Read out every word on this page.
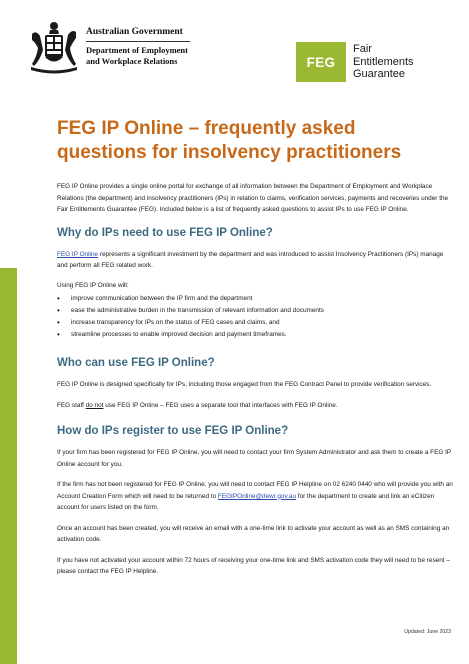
Australian Government
Department of Employment
and Workplace Relations	FEG
Fair
Entitlements
Guarantee
FEG IP Online – frequently asked
questions for insolvency practitioners

FEG IP Online provides a single online portal for exchange of all information between the Department of Employment and Workplace Relations (the department) and insolvency practitioners (IPs) in relation to claims, verification services, payments and recoveries under the Fair Entitlements Guarantee (FEG). Included below is a list of frequently asked questions to assist IPs to use FEG IP Online.

Why do IPs need to use FEG IP Online?

FEG IP Online represents a significant investment by the department and was introduced to assist Insolvency Practitioners (IPs) manage and perform all FEG related work.

Using FEG IP Online will:

• improve communication between the IP firm and the department
• ease the administrative burden in the transmission of relevant information and documents
• increase transparency for IPs on the status of FEG cases and claims, and
• streamline processes to enable improved decision and payment timeframes.
Who can use FEG IP Online?

FEG IP Online is designed specifically for IPs, including those engaged from the FEG Contract Panel to provide verification services.

FEG staff do not use FEG IP Online – FEG uses a separate tool that interfaces with FEG IP Online.

How do IPs register to use FEG IP Online?

If your firm has been registered for FEG IP Online, you will need to contact your firm System Administrator and ask them to create a FEG IP Online account for you.

If the firm has not been registered for FEG IP Online, you will need to contact FEG IP Helpline on 02 6240 0440 who will provide you with an Account Creation Form which will need to be returned to FEGIPOnline@dewr.gov.au for the department to create and link an eCitizen account for users listed on the form.

Once an account has been created, you will receive an email with a one-time link to activate your account as well as an SMS containing an activation code.

If you have not activated your account within 72 hours of receiving your one-time link and SMS activation code they will need to be resent – please contact the FEG IP Helpline.

Updated: June 2023
